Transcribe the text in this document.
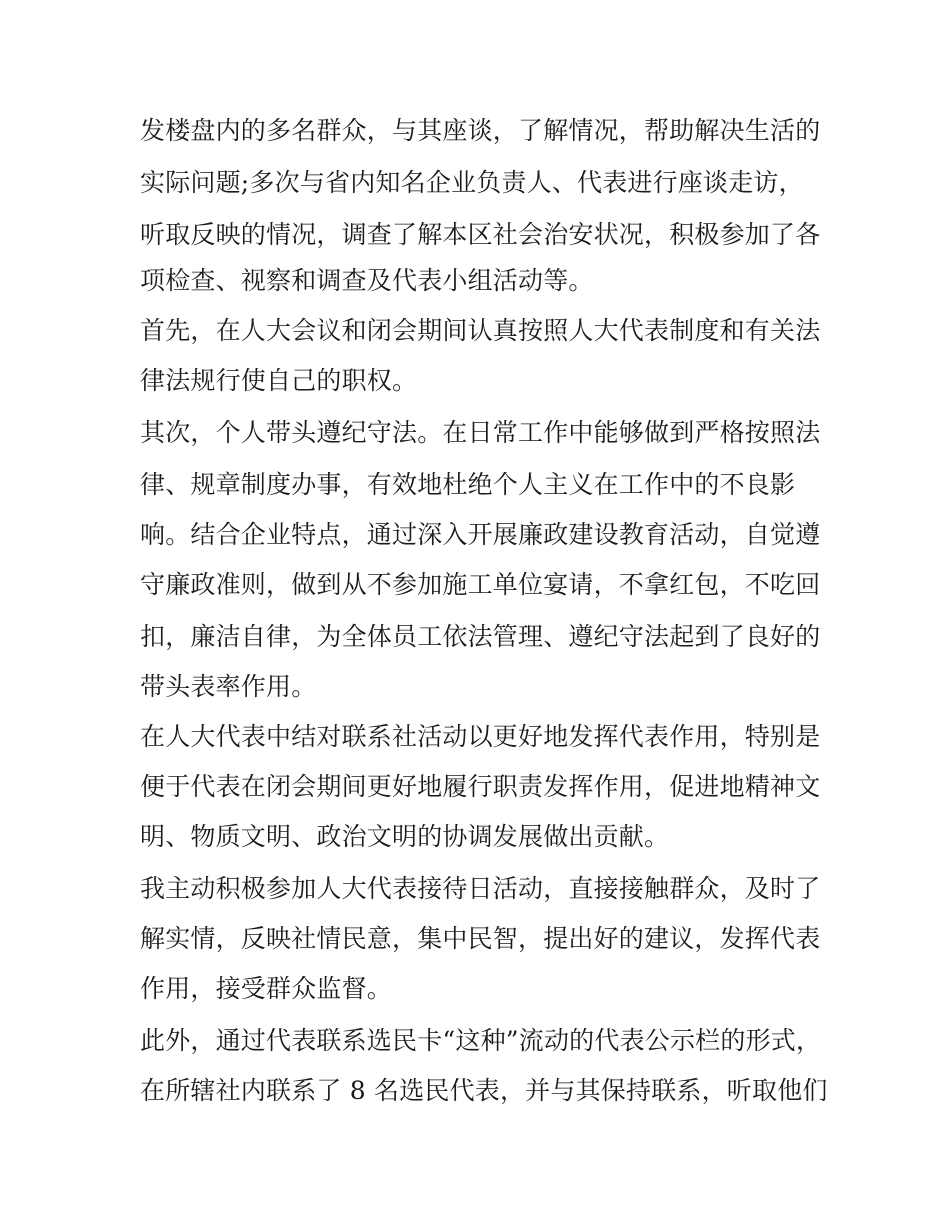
发楼盘内的多名群众，与其座谈，了解情况，帮助解决生活的
实际问题;多次与省内知名企业负责人、代表进行座谈走访，
听取反映的情况，调查了解本区社会治安状况，积极参加了各
项检查、视察和调查及代表小组活动等。
首先，在人大会议和闭会期间认真按照人大代表制度和有关法
律法规行使自己的职权。
其次，个人带头遵纪守法。在日常工作中能够做到严格按照法
律、规章制度办事，有效地杜绝个人主义在工作中的不良影
响。结合企业特点，通过深入开展廉政建设教育活动，自觉遵
守廉政准则，做到从不参加施工单位宴请，不拿红包，不吃回
扣，廉洁自律，为全体员工依法管理、遵纪守法起到了良好的
带头表率作用。
在人大代表中结对联系社活动以更好地发挥代表作用，特别是
便于代表在闭会期间更好地履行职责发挥作用，促进地精神文
明、物质文明、政治文明的协调发展做出贡献。
我主动积极参加人大代表接待日活动，直接接触群众，及时了
解实情，反映社情民意，集中民智，提出好的建议，发挥代表
作用，接受群众监督。
此外，通过代表联系选民卡“这种”流动的代表公示栏的形式，
在所辖社内联系了 8 名选民代表，并与其保持联系，听取他们
